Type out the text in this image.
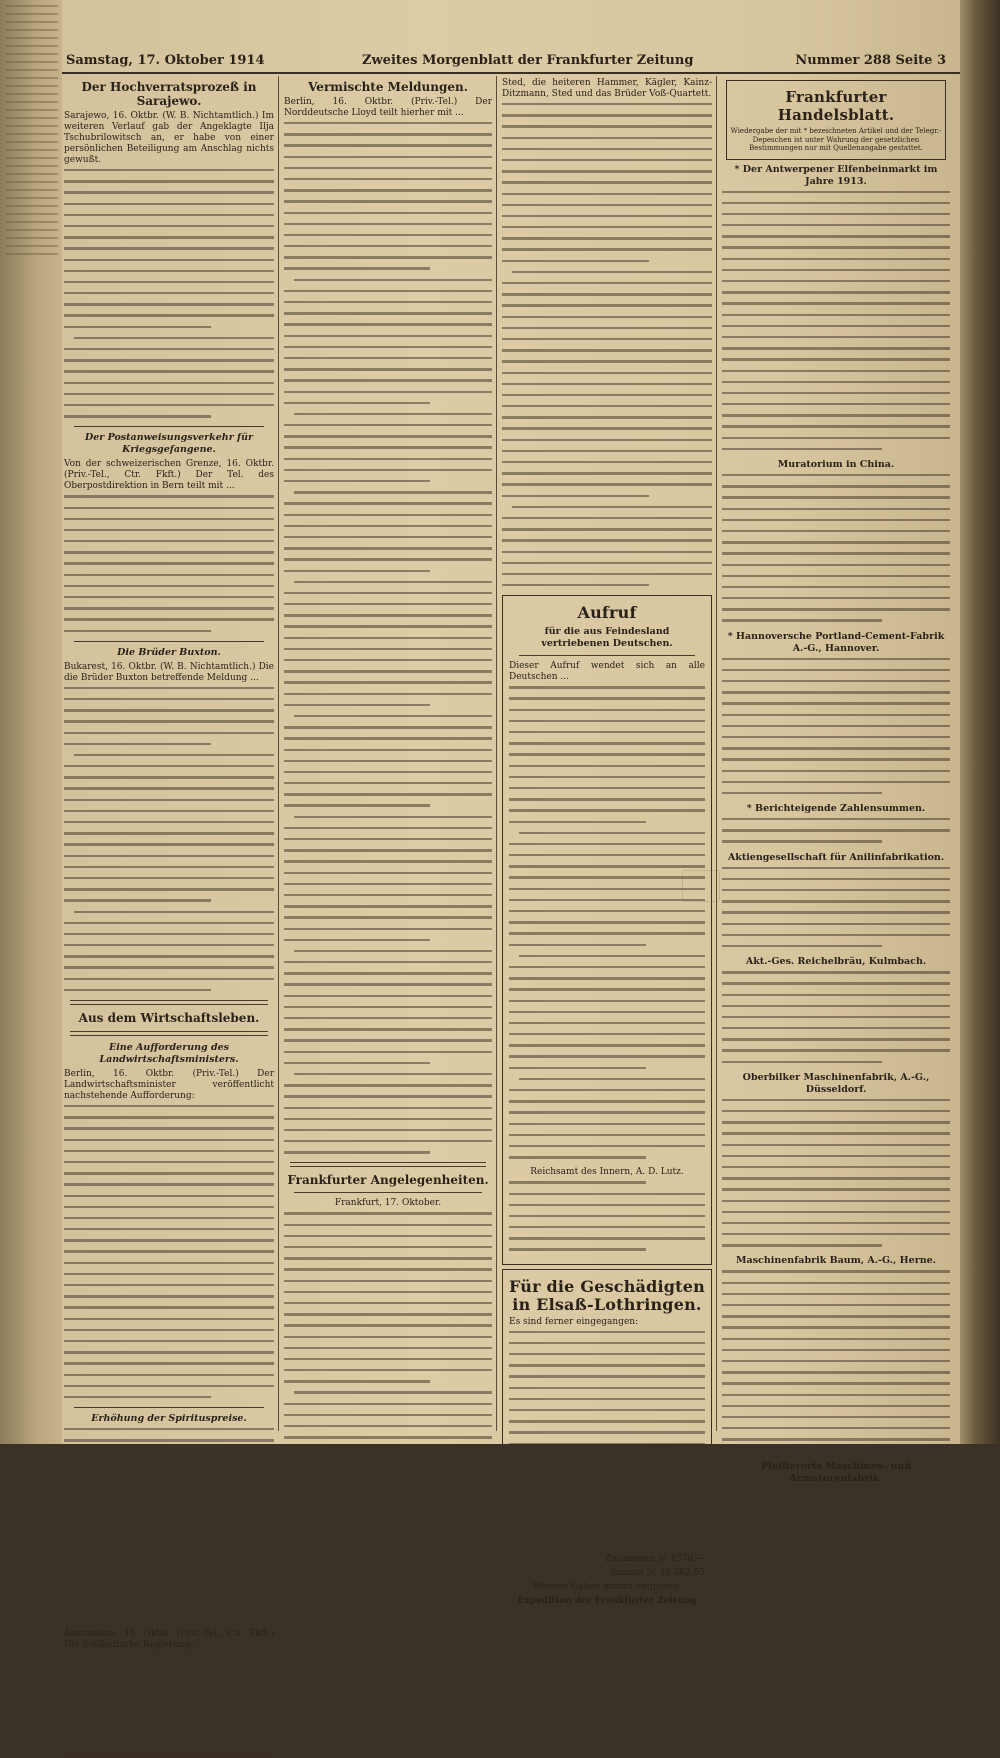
Samstag, 17. Oktober 1914	Zweites Morgenblatt der Frankfurter Zeitung	Nummer 288 Seite 3
Der Hochverratsprozeß in Sarajewo.

Sarajewo, 16. Oktbr. (W. B. Nichtamtlich.) Im weiteren Verlauf gab der Angeklagte Ilja Tschubrilowitsch an, er habe von einer persönlichen Beteiligung am Anschlag nichts gewußt.

Der Postanweisungsverkehr für Kriegsgefangene.

Von der schweizerischen Grenze, 16. Oktbr. (Priv.-Tel., Ctr. Fkft.) Der Tel. des Oberpostdirektion in Bern teilt mit ...

Die Brüder Buxton.

Bukarest, 16. Oktbr. (W. B. Nichtamtlich.) Die die Brüder Buxton betreffende Meldung ...

Aus dem Wirtschaftsleben.
Eine Aufforderung des Landwirtschaftsministers.

Berlin, 16. Oktbr. (Priv.-Tel.) Der Landwirtschaftsminister veröffentlicht nachstehende Aufforderung:

Erhöhung der Spirituspreise.

Amsterdam, 16. Oktbr. (Priv.-Tel., Ctr. Fkft.) Die holländische Regierung ...

Vermischte Meldungen.

Berlin, 16. Oktbr. (Priv.-Tel.) Der Norddeutsche Lloyd teilt hierher mit ...

Frankfurter Angelegenheiten.

Frankfurt, 17. Oktober.

Sted, die heiteren Hammer, Kägler, Kainz-Ditzmann, Sted und das Brüder Voß-Quartett.

Aufruf
für die aus Feindesland vertriebenen Deutschen.

Dieser Aufruf wendet sich an alle Deutschen ...

Reichsamt des Innern, A. D. Lutz.

Für die Geschädigten in Elsaß-Lothringen.

Es sind ferner eingegangen:

Zusammen ℳ 1370.—

Summa ℳ 38 382.95

Weitere Gaben nimmt entgegen:

Expedition der Frankfurter Zeitung

Frankfurter Handelsblatt.

Wiedergabe der mit * bezeichneten Artikel und der Telegr.-Depeschen ist unter Wahrung der gesetzlichen Bestimmungen nur mit Quellenangabe gestattet.

* Der Antwerpener Elfenbeinmarkt im Jahre 1913.
Muratorium in China.
* Hannoversche Portland-Cement-Fabrik A.-G., Hannover.
* Berichteigende Zahlensummen.
Aktiengesellschaft für Anilinfabrikation.
Akt.-Ges. Reichelbräu, Kulmbach.
Oberbilker Maschinenfabrik, A.-G., Düsseldorf.
Maschinenfabrik Baum, A.-G., Herne.
Pfeifferorts Maschinen- und Armaturenfabrik.
